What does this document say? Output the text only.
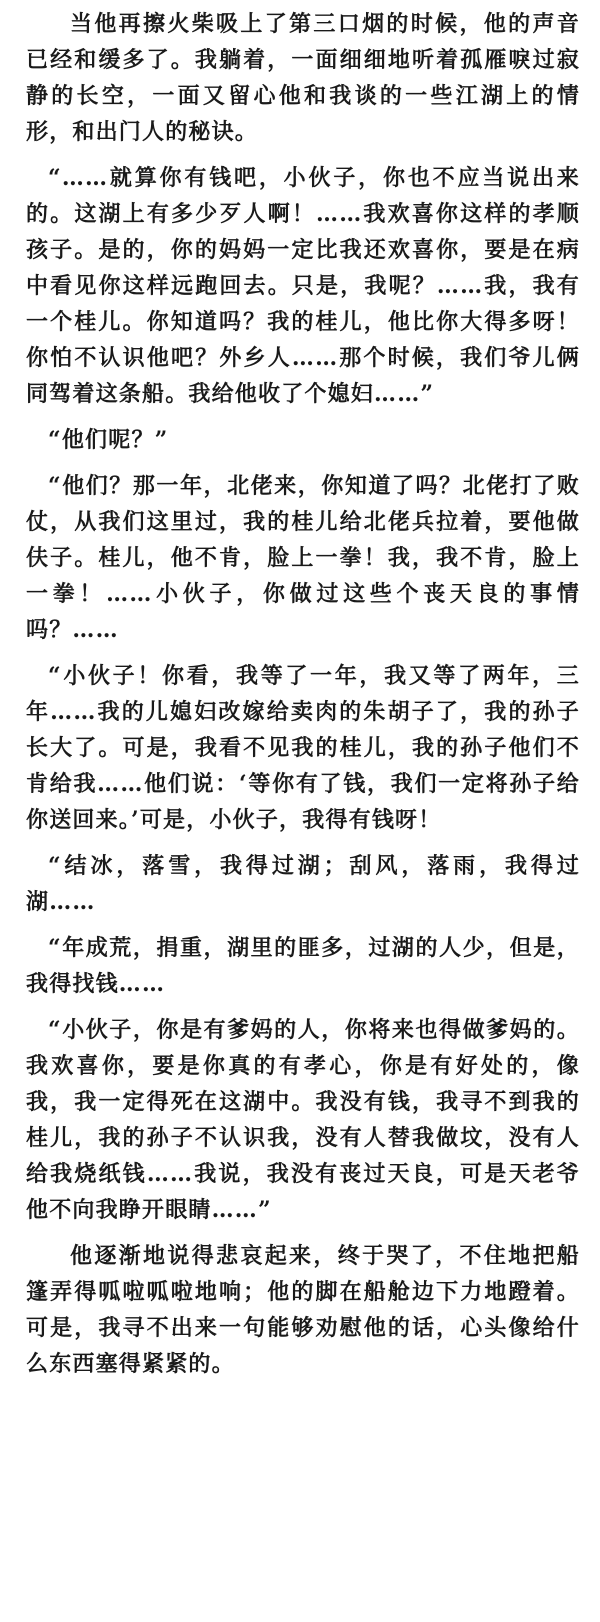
当他再擦火柴吸上了第三口烟的时候，他的声音已经和缓多了。我躺着，一面细细地听着孤雁唳过寂静的长空，一面又留心他和我谈的一些江湖上的情形，和出门人的秘诀。

“……就算你有钱吧，小伙子，你也不应当说出来的。这湖上有多少歹人啊！……我欢喜你这样的孝顺孩子。是的，你的妈妈一定比我还欢喜你，要是在病中看见你这样远跑回去。只是，我呢？……我，我有一个桂儿。你知道吗？我的桂儿，他比你大得多呀！你怕不认识他吧？外乡人……那个时候，我们爷儿俩同驾着这条船。我给他收了个媳妇……”

“他们呢？”

“他们？那一年，北佬来，你知道了吗？北佬打了败仗，从我们这里过，我的桂儿给北佬兵拉着，要他做伕子。桂儿，他不肯，脸上一拳！我，我不肯，脸上一拳！……小伙子，你做过这些个丧天良的事情吗？……

“小伙子！你看，我等了一年，我又等了两年，三年……我的儿媳妇改嫁给卖肉的朱胡子了，我的孙子长大了。可是，我看不见我的桂儿，我的孙子他们不肯给我……他们说：‘等你有了钱，我们一定将孙子给你送回来。’可是，小伙子，我得有钱呀！

“结冰，落雪，我得过湖；刮风，落雨，我得过湖……

“年成荒，捐重，湖里的匪多，过湖的人少，但是，我得找钱……

“小伙子，你是有爹妈的人，你将来也得做爹妈的。我欢喜你，要是你真的有孝心，你是有好处的，像我，我一定得死在这湖中。我没有钱，我寻不到我的桂儿，我的孙子不认识我，没有人替我做坟，没有人给我烧纸钱……我说，我没有丧过天良，可是天老爷他不向我睁开眼睛……”

他逐渐地说得悲哀起来，终于哭了，不住地把船篷弄得呱啦呱啦地响；他的脚在船舱边下力地蹬着。可是，我寻不出来一句能够劝慰他的话，心头像给什么东西塞得紧紧的。
